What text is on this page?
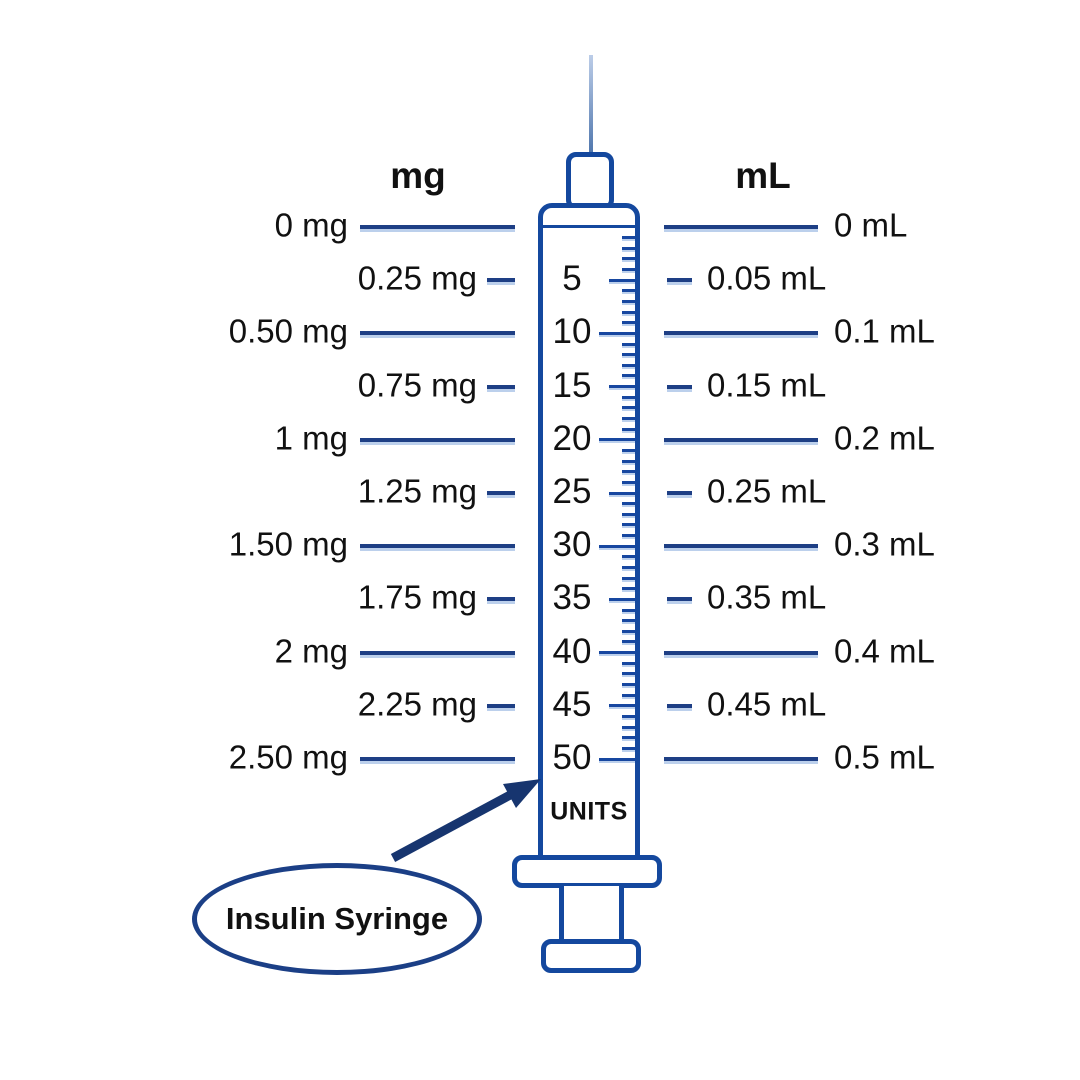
mg	mL
0 mg
0.25 mg
0.50 mg
0.75 mg
1 mg
1.25 mg
1.50 mg
1.75 mg
2 mg
2.25 mg
2.50 mg
0 mL
0.05 mL
0.1 mL
0.15 mL
0.2 mL
0.25 mL
0.3 mL
0.35 mL
0.4 mL
0.45 mL
0.5 mL
5
10
15
20
25
30
35
40
45
50
UNITS
Insulin Syringe
